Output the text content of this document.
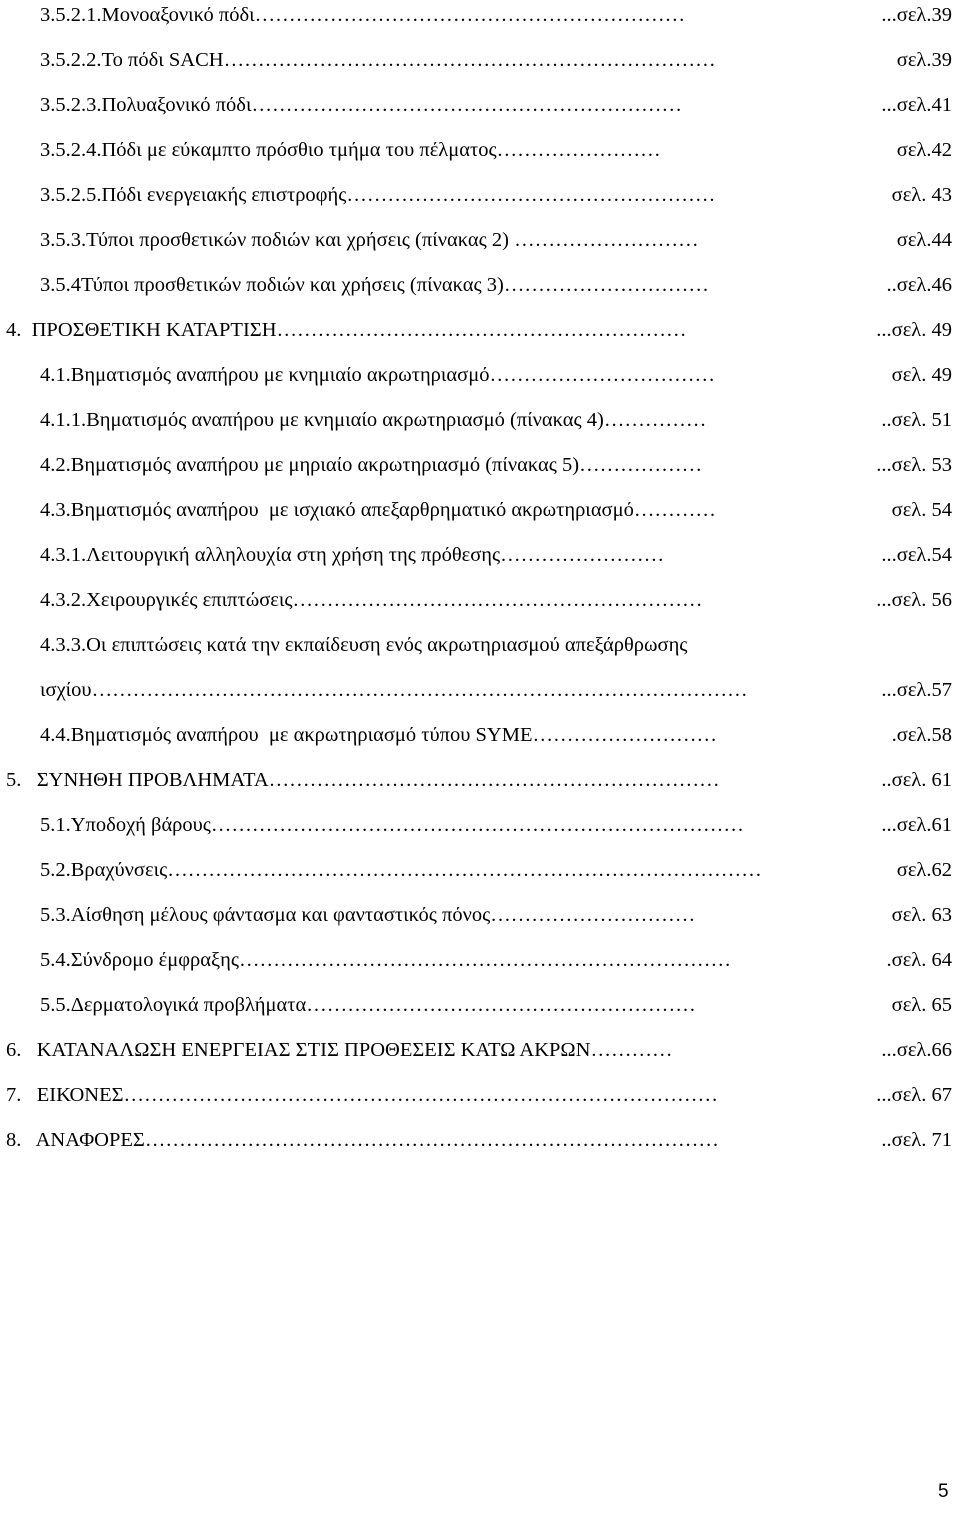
3.5.2.1.Μονοαξονικό πόδι………………………………………………………	...σελ.39
3.5.2.2.Το πόδι SACH………………………………………………………………	σελ.39
3.5.2.3.Πολυαξονικό πόδι………………………………………………………	...σελ.41
3.5.2.4.Πόδι με εύκαμπτο πρόσθιο τμήμα του πέλματος……………………	σελ.42
3.5.2.5.Πόδι ενεργειακής επιστροφής………………………………………………	σελ. 43
3.5.3.Τύποι προσθετικών ποδιών και χρήσεις (πίνακας 2) ………………………	σελ.44
3.5.4Τύποι προσθετικών ποδιών και χρήσεις (πίνακας 3)…………………………	..σελ.46
4.  ΠΡΟΣΘΕΤΙΚΗ ΚΑΤΑΡΤΙΣΗ……………………………………………………	...σελ. 49
4.1.Βηματισμός αναπήρου με κνημιαίο ακρωτηριασμό……………………………	σελ. 49
4.1.1.Βηματισμός αναπήρου με κνημιαίο ακρωτηριασμό (πίνακας 4)……………	..σελ. 51
4.2.Βηματισμός αναπήρου με μηριαίο ακρωτηριασμό (πίνακας 5)………………	...σελ. 53
4.3.Βηματισμός αναπήρου  με ισχιακό απεξαρθρηματικό ακρωτηριασμό…………	σελ. 54
4.3.1.Λειτουργική αλληλουχία στη χρήση της πρόθεσης……………………	...σελ.54
4.3.2.Χειρουργικές επιπτώσεις……………………………………………………	...σελ. 56
4.3.3.Οι επιπτώσεις κατά την εκπαίδευση ενός ακρωτηριασμού απεξάρθρωσης
ισχίου……………………………………………………………………………………	...σελ.57
4.4.Βηματισμός αναπήρου  με ακρωτηριασμό τύπου SYME………………………	.σελ.58
5.   ΣΥΝΗΘΗ ΠΡΟΒΛΗΜΑΤΑ…………………………………………………………	..σελ. 61
5.1.Υποδοχή βάρους……………………………………………………………………	...σελ.61
5.2.Βραχύνσεις……………………………………………………………………………	σελ.62
5.3.Αίσθηση μέλους φάντασμα και φανταστικός πόνος…………………………	σελ. 63
5.4.Σύνδρομο έμφραξης………………………………………………………………	.σελ. 64
5.5.Δερματολογικά προβλήματα…………………………………………………	σελ. 65
6.   ΚΑΤΑΝΑΛΩΣΗ ΕΝΕΡΓΕΙΑΣ ΣΤΙΣ ΠΡΟΘΕΣΕΙΣ ΚΑΤΩ ΑΚΡΩΝ…………	...σελ.66
7.   ΕΙΚΟΝΕΣ……………………………………………………………………………	...σελ. 67
8.   ΑΝΑΦΟΡΕΣ…………………………………………………………………………	..σελ. 71
5
